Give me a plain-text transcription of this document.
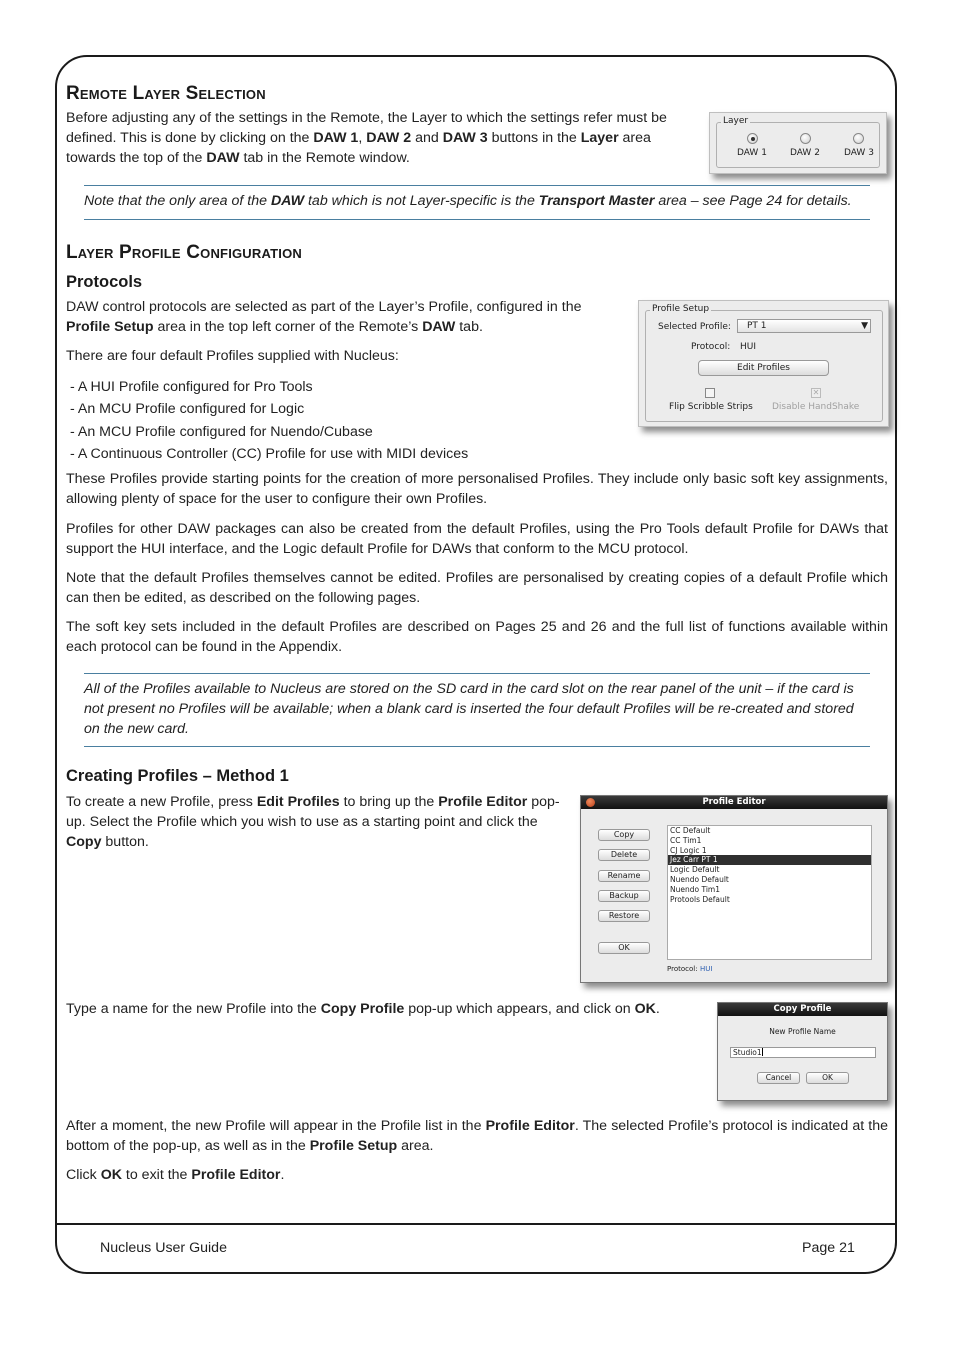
Remote Layer Selection
Before adjusting any of the settings in the Remote, the Layer to which the settings refer must be defined. This is done by clicking on the DAW 1, DAW 2 and DAW 3 buttons in the Layer area towards the top of the DAW tab in the Remote window.
Layer
DAW 1	DAW 2	DAW 3
Note that the only area of the DAW tab which is not Layer-specific is the Transport Master area – see Page 24 for details.
Layer Profile Configuration
Protocols
DAW control protocols are selected as part of the Layer’s Profile, configured in the Profile Setup area in the top left corner of the Remote’s DAW tab.
There are four default Profiles supplied with Nucleus:
- A HUI Profile configured for Pro Tools
- An MCU Profile configured for Logic
- An MCU Profile configured for Nuendo/Cubase
- A Continuous Controller (CC) Profile for use with MIDI devices
Profile Setup
Selected Profile: PT 1	▼
Protocol: HUI
Edit Profiles
✕
Flip Scribble Strips Disable HandShake
These Profiles provide starting points for the creation of more personalised Profiles. They include only basic soft key assignments, allowing plenty of space for the user to configure their own Profiles.
Profiles for other DAW packages can also be created from the default Profiles, using the Pro Tools default Profile for DAWs that support the HUI interface, and the Logic default Profile for DAWs that conform to the MCU protocol.
Note that the default Profiles themselves cannot be edited. Profiles are personalised by creating copies of a default Profile which can then be edited, as described on the following pages.
The soft key sets included in the default Profiles are described on Pages 25 and 26 and the full list of functions available within each protocol can be found in the Appendix.
All of the Profiles available to Nucleus are stored on the SD card in the card slot on the rear panel of the unit – if the card is not present no Profiles will be available; when a blank card is inserted the four default Profiles will be re-created and stored on the new card.
Creating Profiles – Method 1
To create a new Profile, press Edit Profiles to bring up the Profile Editor pop-up. Select the Profile which you wish to use as a starting point and click the Copy button.
Profile Editor
Copy
Delete
Rename
Backup
Restore
OK
CC Default
CC Tim1
CJ Logic 1
Jez Carr PT 1
Logic Default
Nuendo Default
Nuendo Tim1
Protools Default
Protocol: HUI
Type a name for the new Profile into the Copy Profile pop-up which appears, and click on OK.	Copy Profile
New Profile Name
Studio1
Cancel	OK
After a moment, the new Profile will appear in the Profile list in the Profile Editor. The selected Profile’s protocol is indicated at the bottom of the pop-up, as well as in the Profile Setup area.
Click OK to exit the Profile Editor.
Nucleus User Guide	Page 21
